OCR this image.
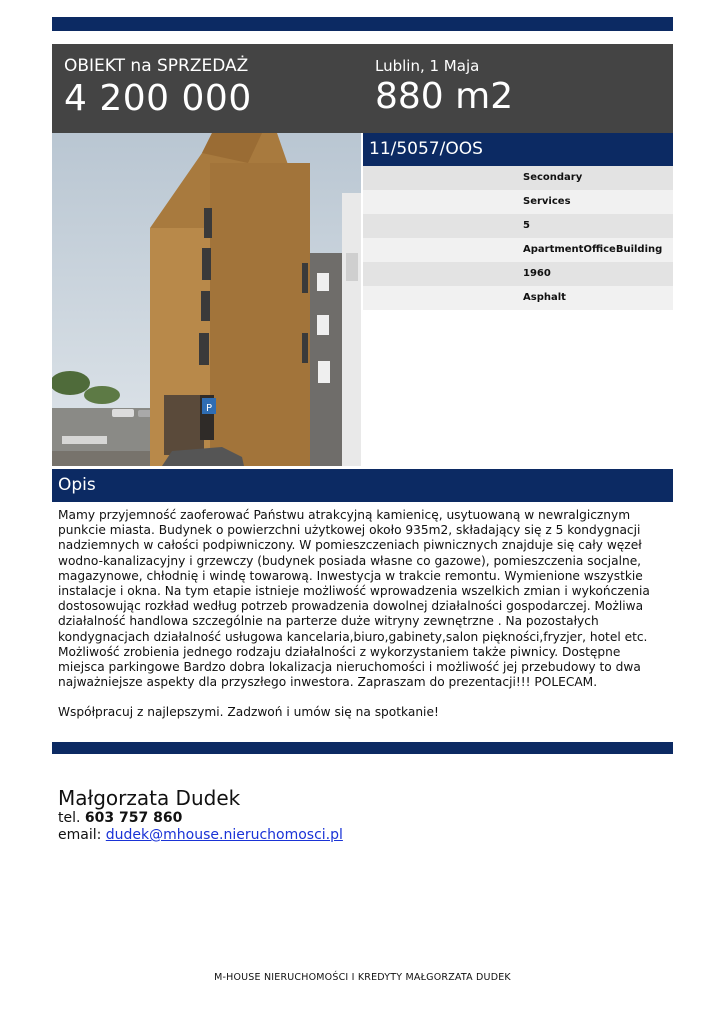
OBIEKT na SPRZEDAŻ
4 200 000
Lublin, 1 Maja
880 m2
P
11/5057/OOS
Secondary
Services
5
ApartmentOfficeBuilding
1960
Asphalt
Opis

Mamy przyjemność zaoferować Państwu atrakcyjną kamienicę, usytuowaną w newralgicznym punkcie miasta. Budynek o powierzchni użytkowej około 935m2, składający się z 5 kondygnacji nadziemnych w całości podpiwniczony. W pomieszczeniach piwnicznych znajduje się cały węzeł wodno-kanalizacyjny i grzewczy (budynek posiada własne co gazowe), pomieszczenia socjalne, magazynowe, chłodnię i windę towarową. Inwestycja w trakcie remontu. Wymienione wszystkie instalacje i okna. Na tym etapie istnieje możliwość wprowadzenia wszelkich zmian i wykończenia dostosowując rozkład według potrzeb prowadzenia dowolnej działalności gospodarczej. Możliwa działalność handlowa szczególnie na parterze duże witryny zewnętrzne . Na pozostałych kondygnacjach działalność usługowa kancelaria,biuro,gabinety,salon piękności,fryzjer, hotel etc. Możliwość zrobienia jednego rodzaju działalności z wykorzystaniem także piwnicy. Dostępne miejsca parkingowe Bardzo dobra lokalizacja nieruchomości i możliwość jej przebudowy to dwa najważniejsze aspekty dla przyszłego inwestora. Zapraszam do prezentacji!!! POLECAM.

Współpracuj z najlepszymi. Zadzwoń i umów się na spotkanie!

Małgorzata Dudek
tel. 603 757 860
email: dudek@mhouse.nieruchomosci.pl
M-HOUSE NIERUCHOMOŚCI I KREDYTY MAŁGORZATA DUDEK
